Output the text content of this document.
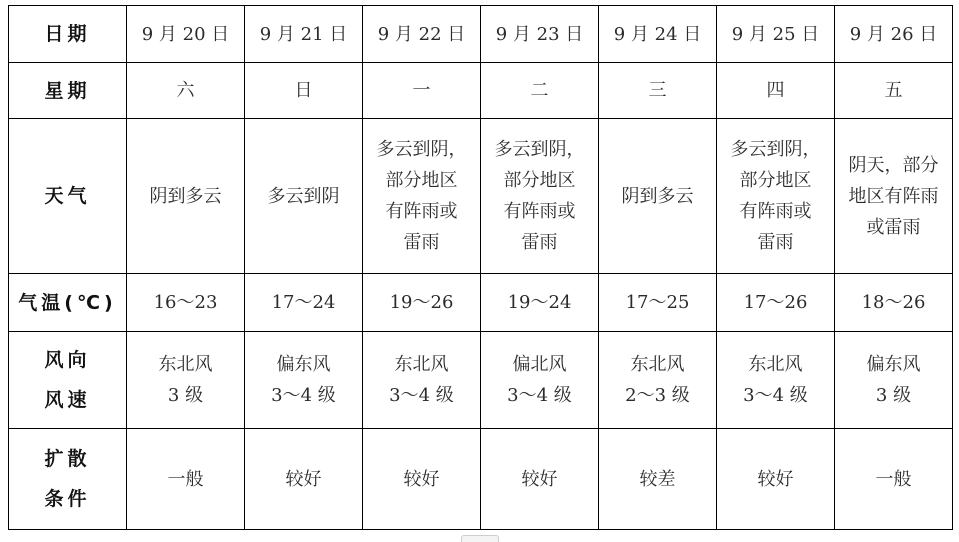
日期	9 月 20 日	9 月 21 日	9 月 22 日	9 月 23 日	9 月 24 日	9 月 25 日	9 月 26 日
星期	六	日	一	二	三	四	五
天气	阴到多云	多云到阴	多云到阴，
部分地区
有阵雨或
雷雨	多云到阴，
部分地区
有阵雨或
雷雨	阴到多云	多云到阴，
部分地区
有阵雨或
雷雨	阴天，部分
地区有阵雨
或雷雨

气温(℃)	16～23	17～24	19～26	19～24	17～25	17～26	18～26

风向
风速	东北风
3 级	偏东风
3～4 级	东北风
3～4 级	偏北风
3～4 级	东北风
2～3 级	东北风
3～4 级	偏东风
3 级

扩散
条件	一般	较好	较好	较好	较差	较好	一般
